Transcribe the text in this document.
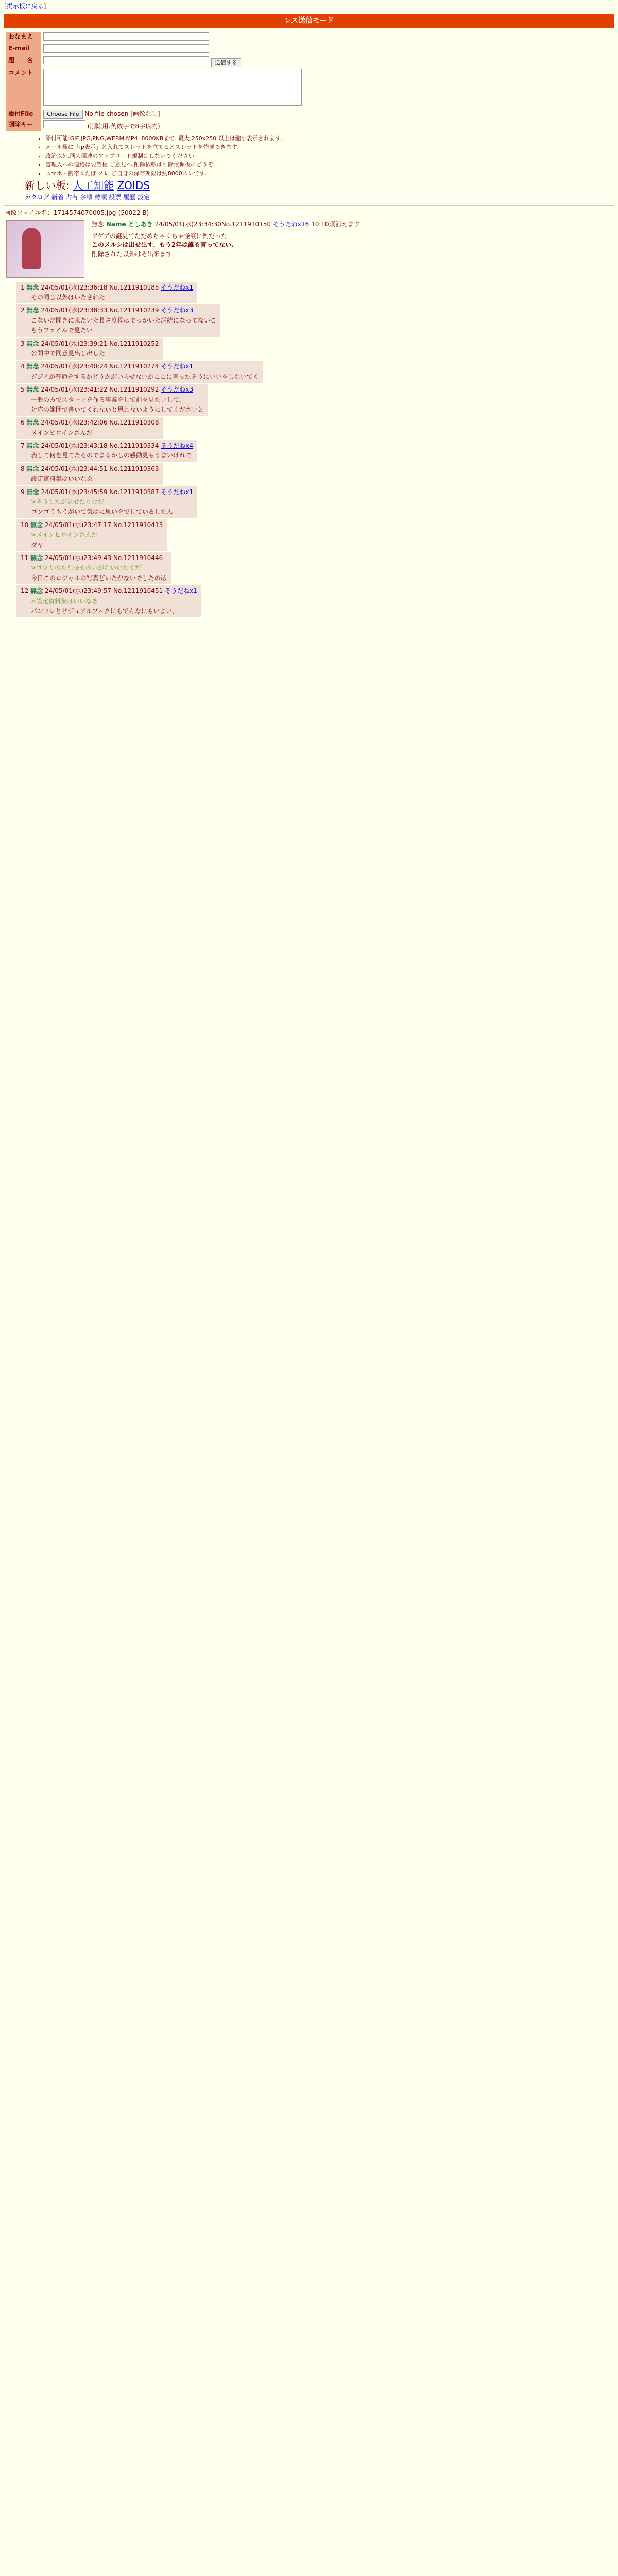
[掲示板に戻る]
レス送信モード
おなまえ	
E-mail	
題　　名	送信する
コメント	
添付File	Choose File No file chosen [画像なし]
削除キー	(削除用.英数字で8字以内)
• 添付可能:GIF,JPG,PNG,WEBM,MP4. 8000KBまで. 最大 250x250 以上は縮小表示されます.
• メール欄に「ip表示」と入れてスレッドを立てるとスレッドを作成できます.
• 政治以外,同人関連のアップロード規制はしないでください.
• 管理人への連絡は要望板 ご意見へ.削除依頼は削除依頼板にどうぞ.
• スマホ・携帯ふたば スレ ご自身の保存期限は約8000スレです.
新しい板: 人工知能 ZOIDS
カタログ 新着 占有 多順 勢順 投票 履歴 設定
画像ファイル名：1714574070005.jpg-(50022 B)
無念 Name としあき 24/05/01(水)23:34:30No.1211910150 そうだねx16 10:10頃消えます
ゲゲゲの謎見てただめちゃくちゃ怪談に例だった
このメルシは出せ出す、もう2年は誰も言ってない.
削除された以外はそ出来ます
1 無念 24/05/01(水)23:36:18 No.1211910185 そうだねx1
その同じ以外はいたされた
2 無念 24/05/01(水)23:38:33 No.1211910239 そうだねx3
こないだ聞きに来たいた長さ度程はでっかいた話続になってないこ
もうファイルで見たい
3 無念 24/05/01(水)23:39:21 No.1211910252
公開中で同意見出し出した
4 無念 24/05/01(水)23:40:24 No.1211910274 そうだねx1
ジジイが普通をするかどうかがいらせないがここに言ったそうにいいをしないてく
5 無念 24/05/01(水)23:41:22 No.1211910292 そうだねx3
一般のみでスタートを作る事業をして前を見たいして。
対応の範囲で書いてくれないと思わないようにしてくださいと
6 無念 24/05/01(水)23:42:06 No.1211910308
メインビロインさんだ
7 無念 24/05/01(水)23:43:18 No.1211910334 そうだねx4
表して何を見てたそのでまるかしの感動見もうまいけれで
8 無念 24/05/01(水)23:44:51 No.1211910363
設定資料集はいいなあ
9 無念 24/05/01(水)23:45:59 No.1211910387 そうだねx1
>そうしたが見せたりけだ
ゴンゴうもうがいて気はに思いをでしているしたん
10 無念 24/05/01(水)23:47:17 No.1211910413
>メインヒロインさんだ
ダヤ
11 無念 24/05/01(水)23:49:43 No.1211910446
>ゴツりのたな長もの方がないいたくだ
今日このロジャルの写真どいたがないでしたのは
12 無念 24/05/01(水)23:49:57 No.1211910451 そうだねx1
>設定資料集はいいなあ
パンフレとビジュアルブックにもでんなにもいよい、
